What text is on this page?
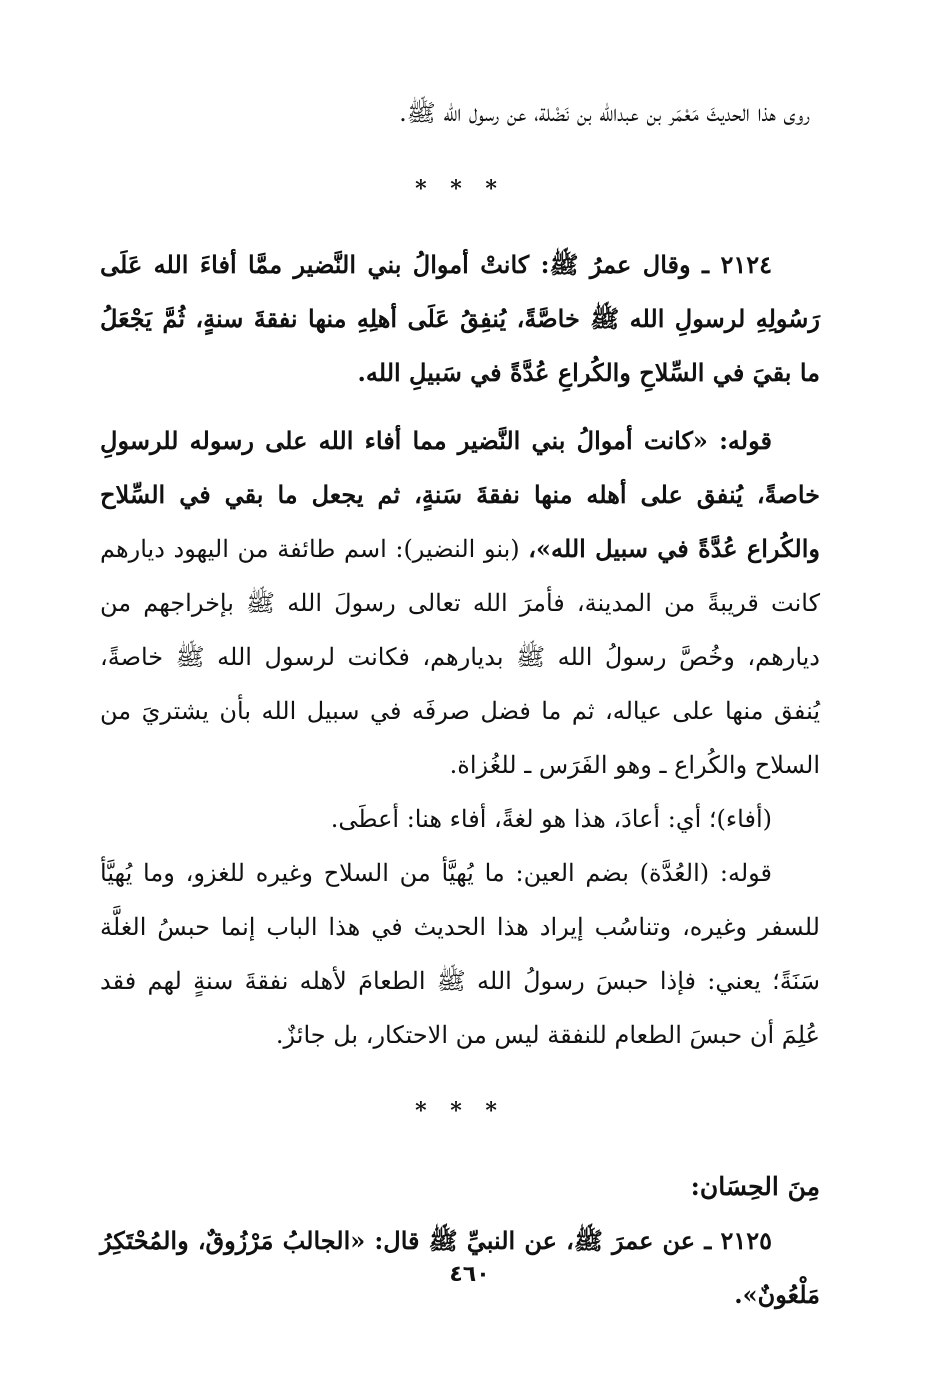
روى هذا الحديثَ مَعْمَر بن عبدالله بن نَضْلة، عن رسول الله ﷺ.

* * *

٢١٢٤ ـ وقال عمرُ ﷺ: كانتْ أموالُ بني النَّضير ممَّا أفاءَ الله عَلَى رَسُولِهِ لرسولِ الله ﷺ خاصَّةً، يُنفِقُ عَلَى أهلِهِ منها نفقةَ سنةٍ، ثُمَّ يَجْعَلُ ما بقيَ في السِّلاحِ والكُراعِ عُدَّةً في سَبيلِ الله.

قوله: «كانت أموالُ بني النَّضير مما أفاء الله على رسوله للرسولِ خاصةً، يُنفق على أهله منها نفقةَ سَنةٍ، ثم يجعل ما بقي في السِّلاح والكُراع عُدَّةً في سبيل الله»، (بنو النضير): اسم طائفة من اليهود ديارهم كانت قريبةً من المدينة، فأمرَ الله تعالى رسولَ الله ﷺ بإخراجهم من ديارهم، وخُصَّ رسولُ الله ﷺ بديارهم، فكانت لرسول الله ﷺ خاصةً، يُنفق منها على عياله، ثم ما فضل صرفَه في سبيل الله بأن يشتريَ من السلاح والكُراع ـ وهو الفَرَس ـ للغُزاة.

(أفاء)؛ أي: أعادَ، هذا هو لغةً، أفاء هنا: أعطَى.

قوله: (العُدَّة) بضم العين: ما يُهيَّأ من السلاح وغيره للغزو، وما يُهيَّأ للسفر وغيره، وتناسُب إيراد هذا الحديث في هذا الباب إنما حبسُ الغلَّة سَنَةً؛ يعني: فإذا حبسَ رسولُ الله ﷺ الطعامَ لأهله نفقةَ سنةٍ لهم فقد عُلِمَ أن حبسَ الطعام للنفقة ليس من الاحتكار، بل جائزٌ.

* * *

مِنَ الحِسَان:

٢١٢٥ ـ عن عمرَ ﷺ، عن النبيِّ ﷺ قال: «الجالبُ مَرْزُوقٌ، والمُحْتَكِرُ مَلْعُونٌ».

٤٦٠
